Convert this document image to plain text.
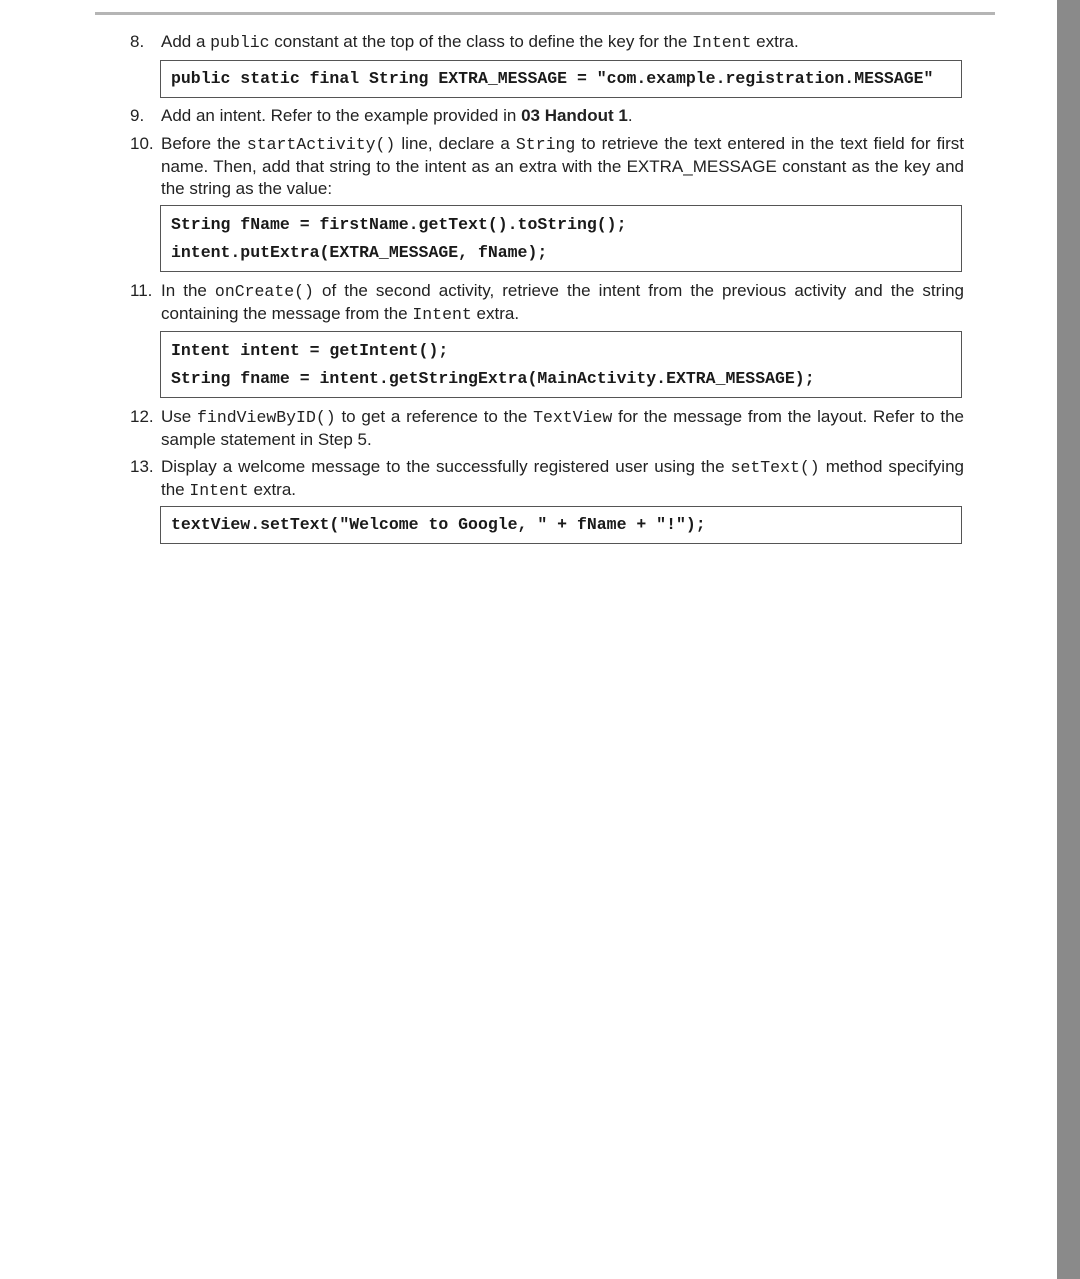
8. Add a public constant at the top of the class to define the key for the Intent extra.
public static final String EXTRA_MESSAGE = "com.example.registration.MESSAGE"
9. Add an intent. Refer to the example provided in 03 Handout 1.
10. Before the startActivity() line, declare a String to retrieve the text entered in the text field for first name. Then, add that string to the intent as an extra with the EXTRA_MESSAGE constant as the key and the string as the value:
String fName = firstName.getText().toString();
intent.putExtra(EXTRA_MESSAGE, fName);
11. In the onCreate() of the second activity, retrieve the intent from the previous activity and the string containing the message from the Intent extra.
Intent intent = getIntent();
String fname = intent.getStringExtra(MainActivity.EXTRA_MESSAGE);
12. Use findViewByID() to get a reference to the TextView for the message from the layout. Refer to the sample statement in Step 5.
13. Display a welcome message to the successfully registered user using the setText() method specifying the Intent extra.
textView.setText("Welcome to Google, " + fName + "!");
